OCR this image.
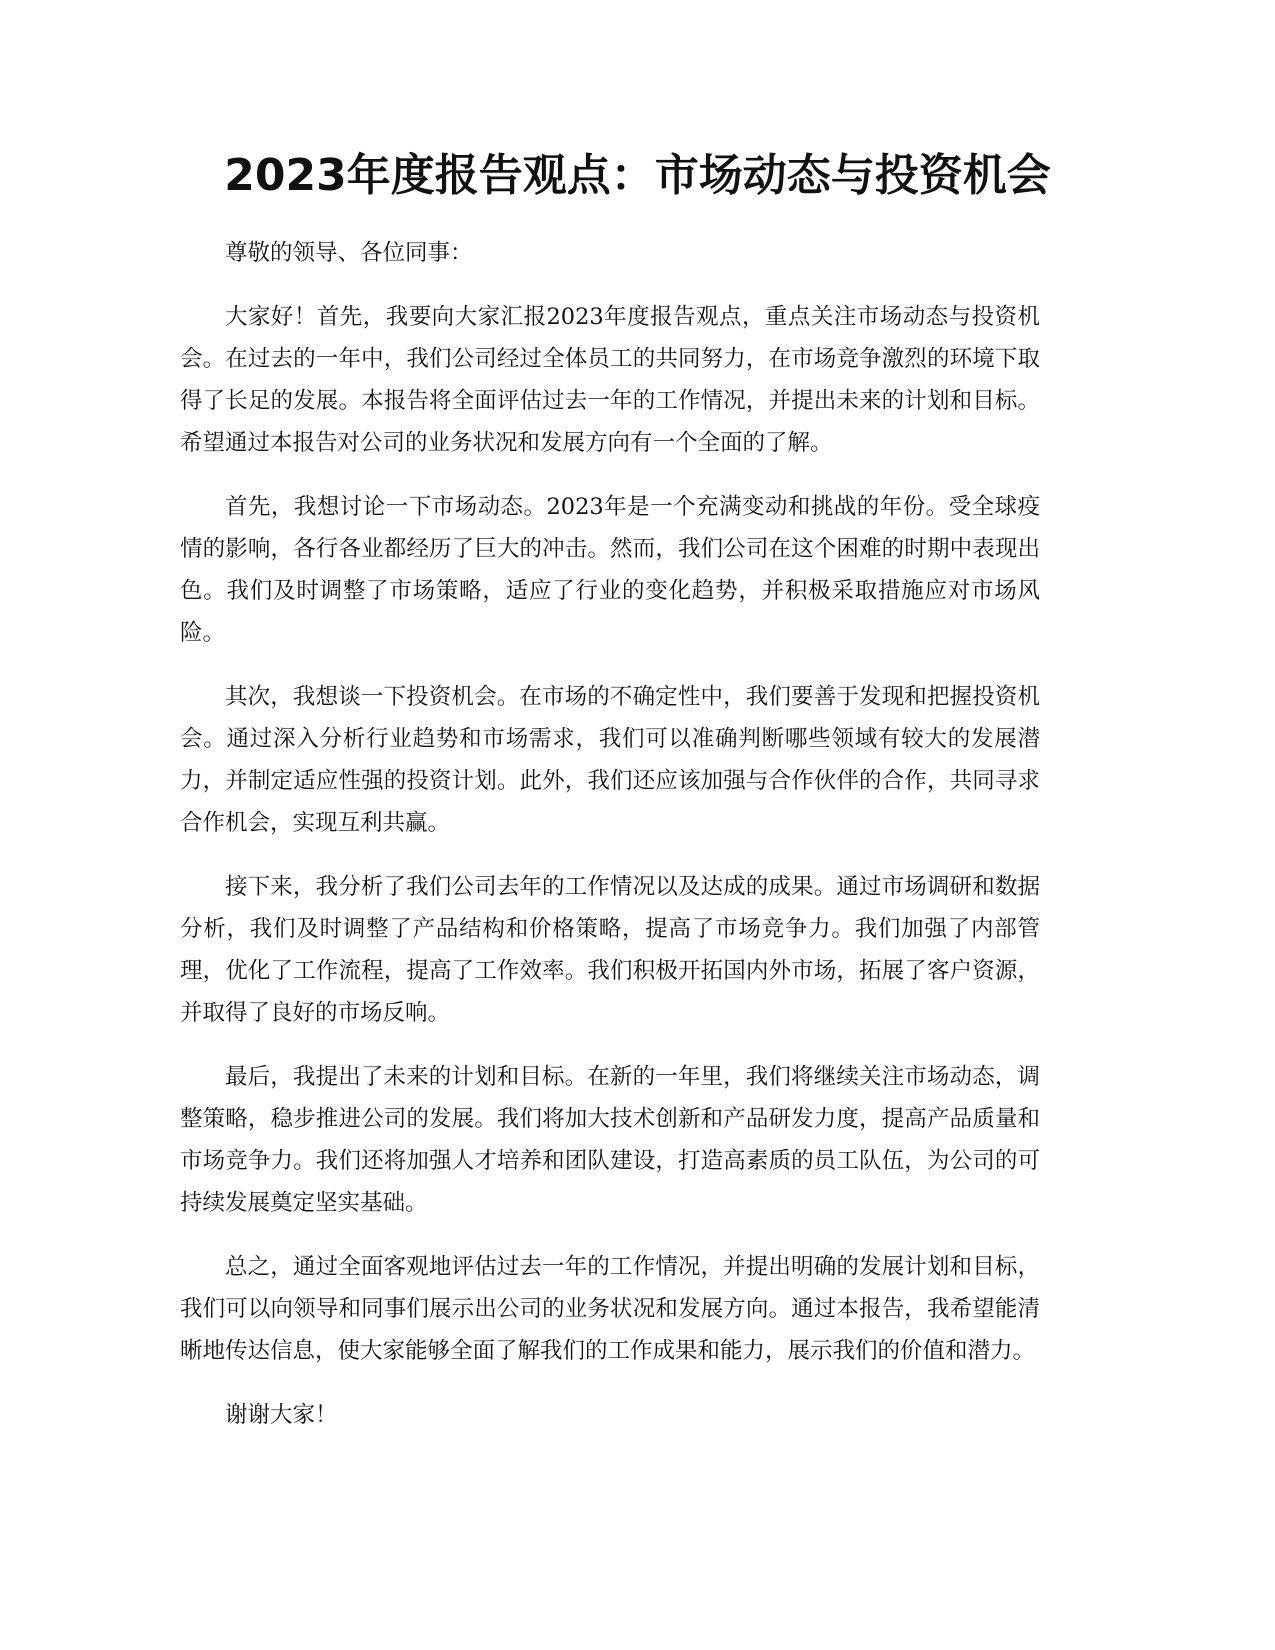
2023年度报告观点：市场动态与投资机会

尊敬的领导、各位同事：

大家好！首先，我要向大家汇报2023年度报告观点，重点关注市场动态与投资机会。在过去的一年中，我们公司经过全体员工的共同努力，在市场竞争激烈的环境下取得了长足的发展。本报告将全面评估过去一年的工作情况，并提出未来的计划和目标。希望通过本报告对公司的业务状况和发展方向有一个全面的了解。

首先，我想讨论一下市场动态。2023年是一个充满变动和挑战的年份。受全球疫情的影响，各行各业都经历了巨大的冲击。然而，我们公司在这个困难的时期中表现出色。我们及时调整了市场策略，适应了行业的变化趋势，并积极采取措施应对市场风险。

其次，我想谈一下投资机会。在市场的不确定性中，我们要善于发现和把握投资机会。通过深入分析行业趋势和市场需求，我们可以准确判断哪些领域有较大的发展潜力，并制定适应性强的投资计划。此外，我们还应该加强与合作伙伴的合作，共同寻求合作机会，实现互利共赢。

接下来，我分析了我们公司去年的工作情况以及达成的成果。通过市场调研和数据分析，我们及时调整了产品结构和价格策略，提高了市场竞争力。我们加强了内部管理，优化了工作流程，提高了工作效率。我们积极开拓国内外市场，拓展了客户资源，并取得了良好的市场反响。

最后，我提出了未来的计划和目标。在新的一年里，我们将继续关注市场动态，调整策略，稳步推进公司的发展。我们将加大技术创新和产品研发力度，提高产品质量和市场竞争力。我们还将加强人才培养和团队建设，打造高素质的员工队伍，为公司的可持续发展奠定坚实基础。

总之，通过全面客观地评估过去一年的工作情况，并提出明确的发展计划和目标，我们可以向领导和同事们展示出公司的业务状况和发展方向。通过本报告，我希望能清晰地传达信息，使大家能够全面了解我们的工作成果和能力，展示我们的价值和潜力。

谢谢大家！
